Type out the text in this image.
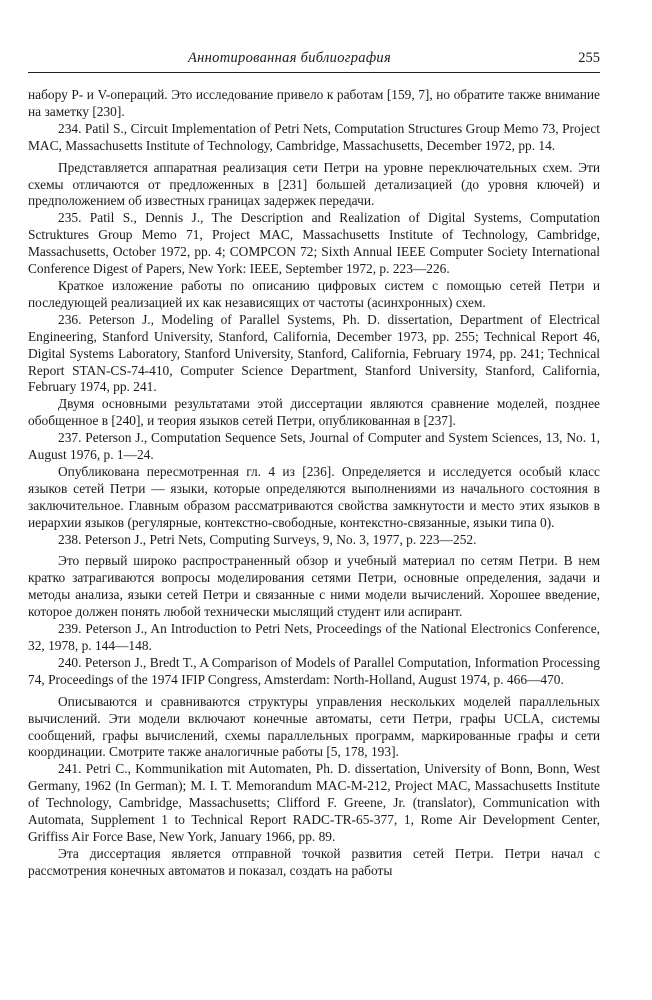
Аннотированная библиография	255

набору P- и V-операций. Это исследование привело к работам [159, 7], но обратите также внимание на заметку [230].

234. Patil S., Circuit Implementation of Petri Nets, Computation Structures Group Memo 73, Project MAC, Massachusetts Institute of Technology, Cambridge, Massachusetts, December 1972, pp. 14.

Представляется аппаратная реализация сети Петри на уровне переключательных схем. Эти схемы отличаются от предложенных в [231] большей детализацией (до уровня ключей) и предположением об известных границах задержек передачи.

235. Patil S., Dennis J., The Description and Realization of Digital Systems, Computation Sctruktures Group Memo 71, Project MAC, Massachusetts Institute of Technology, Cambridge, Massachusetts, October 1972, pp. 4; COMPCON 72; Sixth Annual IEEE Computer Society International Conference Digest of Papers, New York: IEEE, September 1972, p. 223—226.

Краткое изложение работы по описанию цифровых систем с помощью сетей Петри и последующей реализацией их как независящих от частоты (асинхронных) схем.

236. Peterson J., Modeling of Parallel Systems, Ph. D. dissertation, Department of Electrical Engineering, Stanford University, Stanford, California, December 1973, pp. 255; Technical Report 46, Digital Systems Laboratory, Stanford University, Stanford, California, February 1974, pp. 241; Technical Report STAN-CS-74-410, Computer Science Department, Stanford University, Stanford, California, February 1974, pp. 241.

Двумя основными результатами этой диссертации являются сравнение моделей, позднее обобщенное в [240], и теория языков сетей Петри, опубликованная в [237].

237. Peterson J., Computation Sequence Sets, Journal of Computer and System Sciences, 13, No. 1, August 1976, p. 1—24.

Опубликована пересмотренная гл. 4 из [236]. Определяется и исследуется особый класс языков сетей Петри — языки, которые определяются выполнениями из начального состояния в заключительное. Главным образом рассматриваются свойства замкнутости и место этих языков в иерархии языков (регулярные, контекстно-свободные, контекстно-связанные, языки типа 0).

238. Peterson J., Petri Nets, Computing Surveys, 9, No. 3, 1977, p. 223—252.

Это первый широко распространенный обзор и учебный материал по сетям Петри. В нем кратко затрагиваются вопросы моделирования сетями Петри, основные определения, задачи и методы анализа, языки сетей Петри и связанные с ними модели вычислений. Хорошее введение, которое должен понять любой технически мыслящий студент или аспирант.

239. Peterson J., An Introduction to Petri Nets, Proceedings of the National Electronics Conference, 32, 1978, p. 144—148.

240. Peterson J., Bredt T., A Comparison of Models of Parallel Computation, Information Processing 74, Proceedings of the 1974 IFIP Congress, Amsterdam: North-Holland, August 1974, p. 466—470.

Описываются и сравниваются структуры управления нескольких моделей параллельных вычислений. Эти модели включают конечные автоматы, сети Петри, графы UCLA, системы сообщений, графы вычислений, схемы параллельных программ, маркированные графы и сети координации. Смотрите также аналогичные работы [5, 178, 193].

241. Petri C., Kommunikation mit Automaten, Ph. D. dissertation, University of Bonn, Bonn, West Germany, 1962 (In German); M. I. T. Memorandum MAC-M-212, Project MAC, Massachusetts Institute of Technology, Cambridge, Massachusetts; Clifford F. Greene, Jr. (translator), Communication with Automata, Supplement 1 to Technical Report RADC-TR-65-377, 1, Rome Air Development Center, Griffiss Air Force Base, New York, January 1966, pp. 89.

Эта диссертация является отправной точкой развития сетей Петри. Петри начал с рассмотрения конечных автоматов и показал, создать на работы
